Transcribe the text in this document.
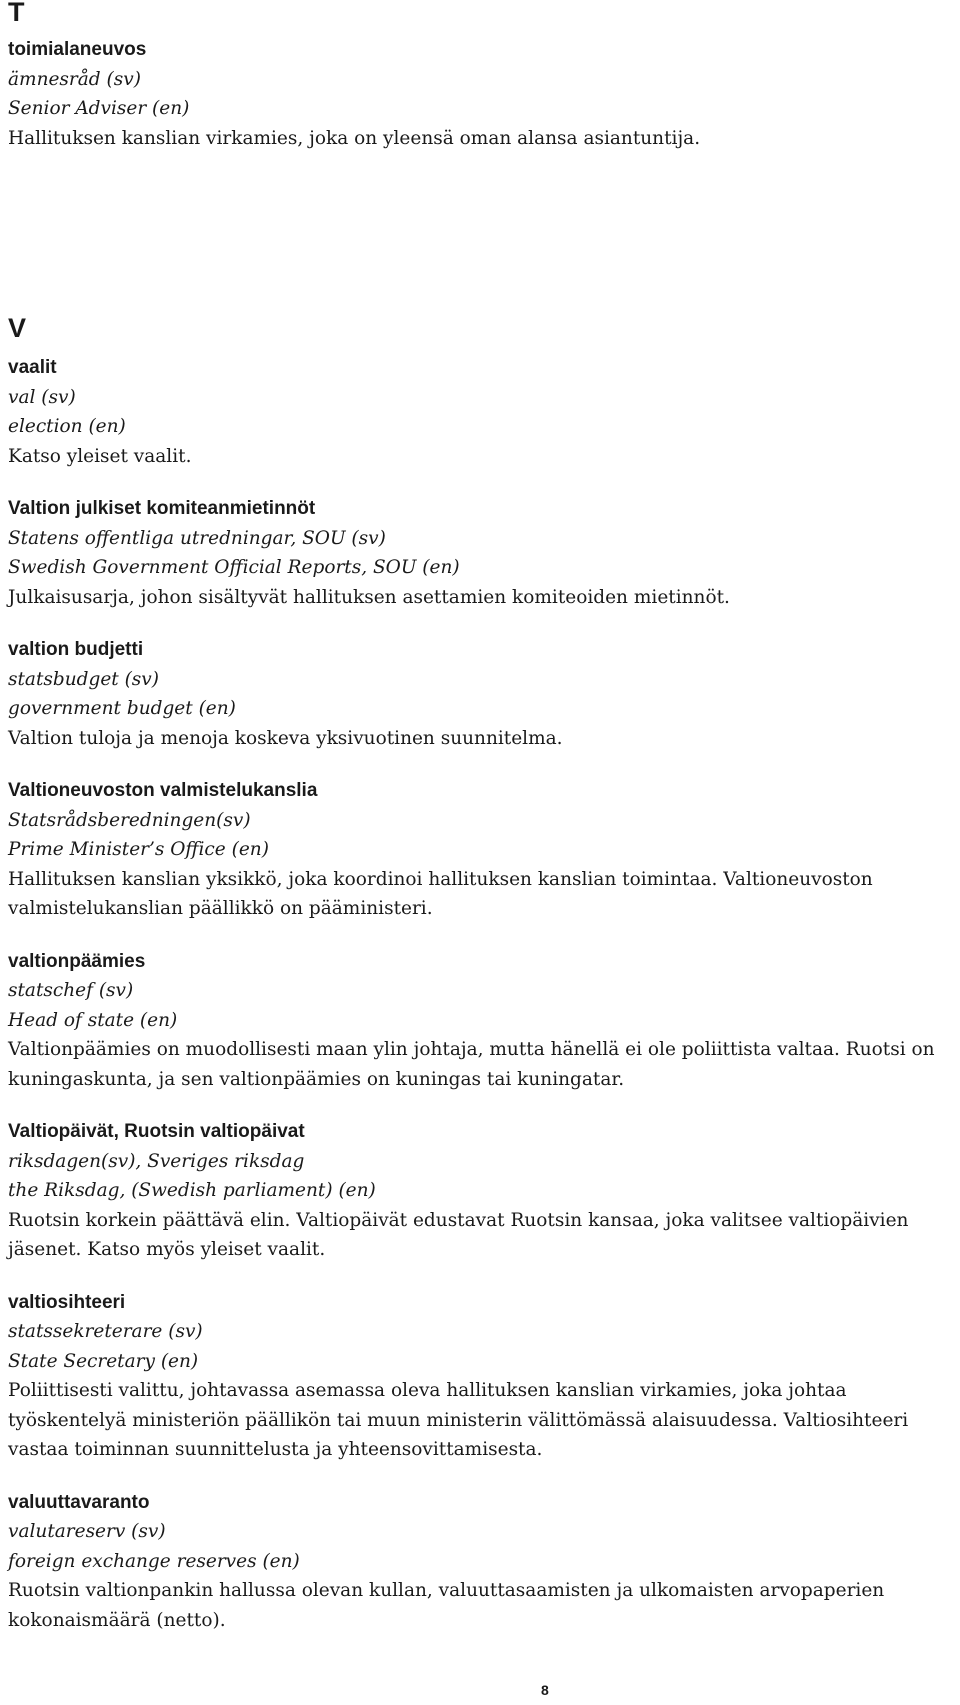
T
toimialaneuvos
ämnesråd (sv)
Senior Adviser (en)

Hallituksen kanslian virkamies, joka on yleensä oman alansa asiantuntija.

V
vaalit
val (sv)
election (en)

Katso yleiset vaalit.

Valtion julkiset komiteanmietinnöt
Statens offentliga utredningar, SOU (sv)
Swedish Government Official Reports, SOU (en)

Julkaisusarja, johon sisältyvät hallituksen asettamien komiteoiden mietinnöt.

valtion budjetti
statsbudget (sv)
government budget (en)

Valtion tuloja ja menoja koskeva yksivuotinen suunnitelma.

Valtioneuvoston valmistelukanslia
Statsrådsberedningen(sv)
Prime Minister’s Office (en)

Hallituksen kanslian yksikkö, joka koordinoi hallituksen kanslian toimintaa. Valtioneuvoston valmistelukanslian päällikkö on pääministeri.

valtionpäämies
statschef (sv)
Head of state (en)

Valtionpäämies on muodollisesti maan ylin johtaja, mutta hänellä ei ole poliittista valtaa. Ruotsi on kuningaskunta, ja sen valtionpäämies on kuningas tai kuningatar.

Valtiopäivät, Ruotsin valtiopäivat
riksdagen(sv), Sveriges riksdag
the Riksdag, (Swedish parliament) (en)

Ruotsin korkein päättävä elin. Valtiopäivät edustavat Ruotsin kansaa, joka valitsee valtiopäivien jäsenet. Katso myös yleiset vaalit.

valtiosihteeri
statssekreterare (sv)
State Secretary (en)

Poliittisesti valittu, johtavassa asemassa oleva hallituksen kanslian virkamies, joka johtaa työskentelyä ministeriön päällikön tai muun ministerin välittömässä alaisuudessa. Valtiosihteeri vastaa toiminnan suunnittelusta ja yhteensovittamisesta.

valuuttavaranto
valutareserv (sv)
foreign exchange reserves (en)

Ruotsin valtionpankin hallussa olevan kullan, valuuttasaamisten ja ulkomaisten arvopaperien kokonaismäärä (netto).

8
